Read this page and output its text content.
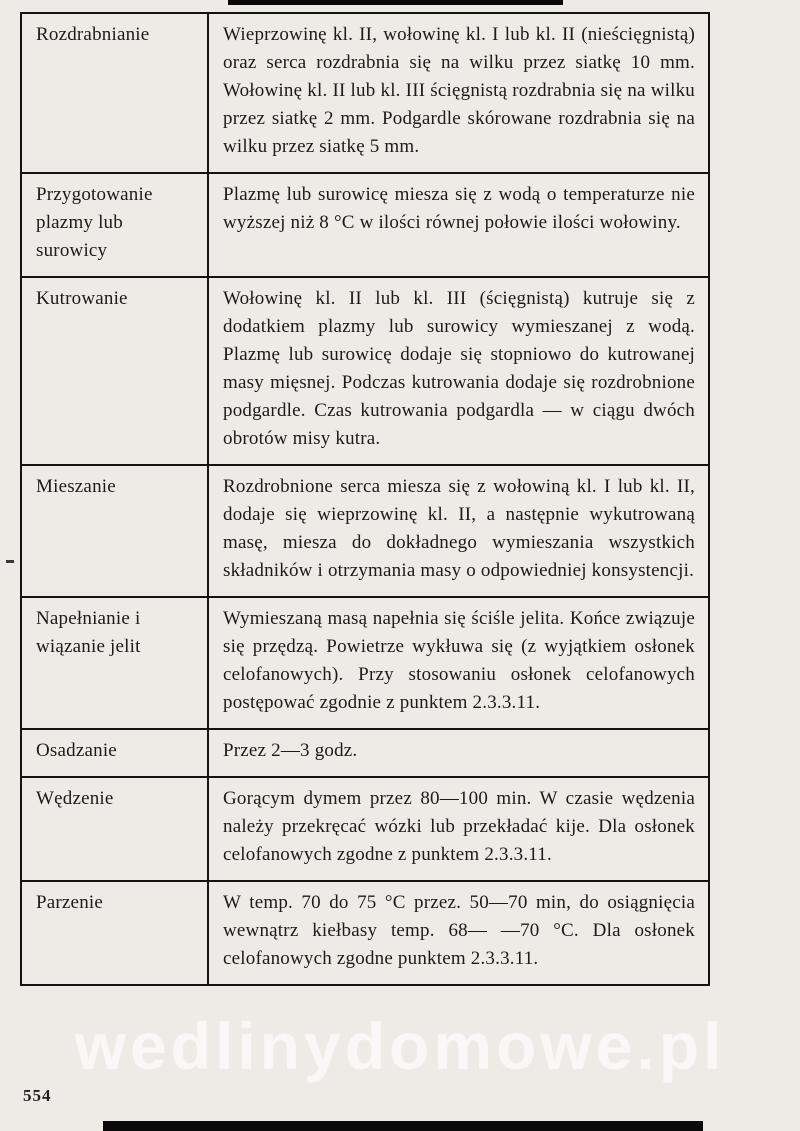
Rozdrabnianie	Wieprzowinę kl. II, wołowinę kl. I lub kl. II (nieścięgnistą) oraz serca rozdrabnia się na wilku przez siatkę 10 mm. Wołowinę kl. II lub kl. III ścięgnistą rozdrabnia się na wilku przez siatkę 2 mm. Podgardle skórowane rozdrabnia się na wilku przez siatkę 5 mm.

Przygotowanie plazmy lub surowicy	Plazmę lub surowicę miesza się z wodą o temperaturze nie wyższej niż 8 °C w ilości równej połowie ilości wołowiny.

Kutrowanie	Wołowinę kl. II lub kl. III (ścięgnistą) kutruje się z dodatkiem plazmy lub surowicy wymieszanej z wodą. Plazmę lub surowicę dodaje się stopniowo do kutrowanej masy mięsnej. Podczas kutrowania dodaje się rozdrobnione podgardle. Czas kutrowania podgardla — w ciągu dwóch obrotów misy kutra.

Mieszanie	Rozdrobnione serca miesza się z wołowiną kl. I lub kl. II, dodaje się wieprzowinę kl. II, a następnie wykutrowaną masę, miesza do dokładnego wymieszania wszystkich składników i otrzymania masy o odpowiedniej konsystencji.

Napełnianie i wiązanie jelit	Wymieszaną masą napełnia się ściśle jelita. Końce związuje się przędzą. Powietrze wykłuwa się (z wyjątkiem osłonek celofanowych). Przy stosowaniu osłonek celofanowych postępować zgodnie z punktem 2.3.3.11.

Osadzanie	Przez 2—3 godz.

Wędzenie	Gorącym dymem przez 80—100 min. W czasie wędzenia należy przekręcać wózki lub przekładać kije. Dla osłonek celofanowych zgodne z punktem 2.3.3.11.

Parzenie	W temp. 70 do 75 °C przez. 50—70 min, do osiągnięcia wewnątrz kiełbasy temp. 68— —70 °C. Dla osłonek celofanowych zgodne punktem 2.3.3.11.
wedlinydomowe.pl
554
